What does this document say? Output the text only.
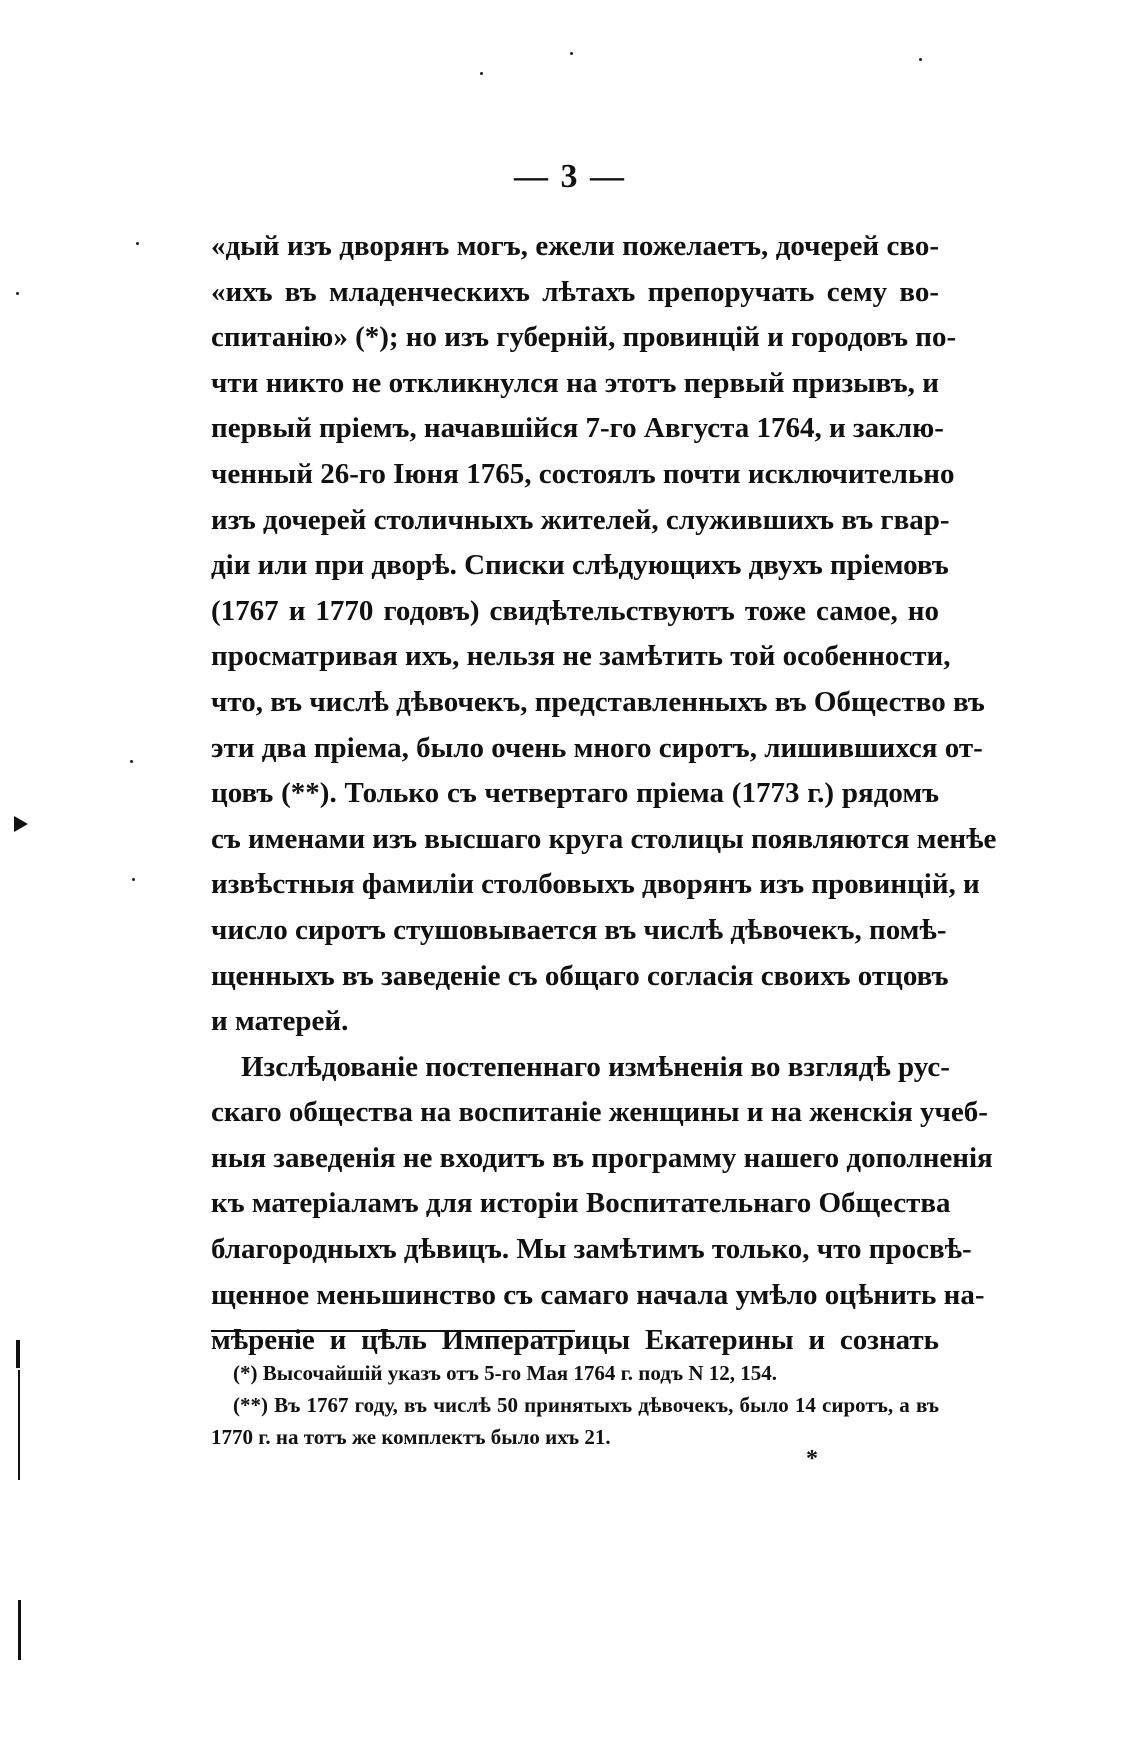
— 3 —
«дый изъ дворянъ могъ, ежели пожелаетъ, дочерей сво-
«ихъ въ младенческихъ лѣтахъ препоручать сему во-
спитанію» (*); но изъ губерній, провинцій и городовъ по-
чти никто не откликнулся на этотъ первый призывъ, и
первый пріемъ, начавшійся 7-го Августа 1764, и заклю-
ченный 26-го Іюня 1765, состоялъ почти исключительно
изъ дочерей столичныхъ жителей, служившихъ въ гвар-
діи или при дворѣ. Списки слѣдующихъ двухъ пріемовъ
(1767 и 1770 годовъ) свидѣтельствуютъ тоже самое, но
просматривая ихъ, нельзя не замѣтить той особенности,
что, въ числѣ дѣвочекъ, представленныхъ въ Общество въ
эти два пріема, было очень много сиротъ, лишившихся от-
цовъ (**). Только съ четвертаго пріема (1773 г.) рядомъ
съ именами изъ высшаго круга столицы появляются менѣе
извѣстныя фамиліи столбовыхъ дворянъ изъ провинцій, и
число сиротъ стушовывается въ числѣ дѣвочекъ, помѣ-
щенныхъ въ заведеніе съ общаго согласія своихъ отцовъ
и матерей.
Изслѣдованіе постепеннаго измѣненія во взглядѣ рус-
скаго общества на воспитаніе женщины и на женскія учеб-
ныя заведенія не входитъ въ программу нашего дополненія
къ матеріаламъ для исторіи Воспитательнаго Общества
благородныхъ дѣвицъ. Мы замѣтимъ только, что просвѣ-
щенное меньшинство съ самаго начала умѣло оцѣнить на-
мѣреніе и цѣль Императрицы Екатерины и сознать
(*) Высочайшій указъ отъ 5-го Мая 1764 г. подъ N 12, 154.
(**) Въ 1767 году, въ числѣ 50 принятыхъ дѣвочекъ, было 14 сиротъ, а въ
1770 г. на тотъ же комплектъ было ихъ 21.
*
